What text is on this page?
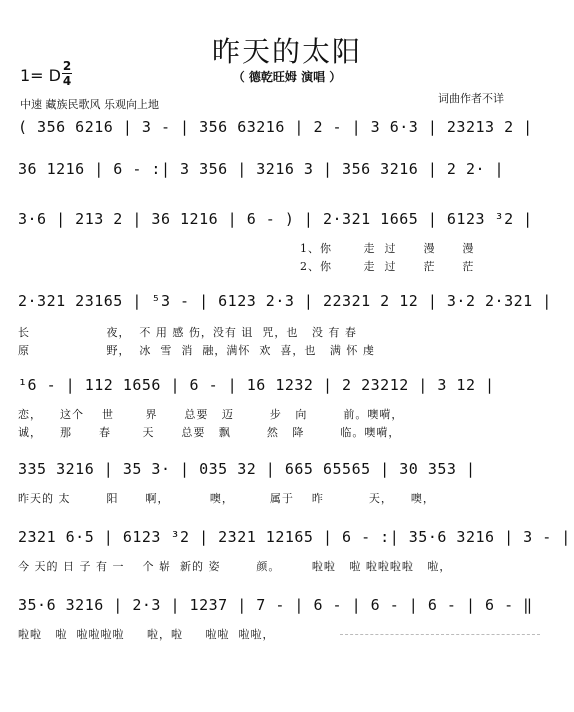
昨天的太阳
（ 德乾旺姆 演唱 ）
1= D 2
4
中速 藏族民歌风 乐观向上地	词曲作者不详
( 356 6216 | 3 - | 356 63216 | 2 - | 3 6·3 | 23213 2 |
36 1216 | 6 - :| 3 356 | 3216 3 | 356 3216 | 2 2· |
3·6 | 213 2 | 36 1216 | 6 - ) | 2·321 1665 | 6123 ³2 |
1、你       走  过      漫      漫
2、你       走  过      茫      茫
2·321 23165 | ⁵3 - | 6123 2·3 | 22321 2 12 | 3·2 2·321 |
长                 夜，  不 用 感 伤，没有 诅  咒，也   没 有 春
原                 野，  冰  雪  消  融，满怀  欢  喜，也   满 怀 虔
¹6 - | 112 1656 | 6 - | 16 1232 | 2 23212 | 3 12 |
恋，    这个    世       界      总要   迈        步   向        前。噢嗬，
诚，    那      春       天      总要   飘        然   降        临。噢嗬，
335 3216 | 35 3· | 035 32 | 665 65565 | 30 353 |
昨天的 太        阳      啊，         噢，        属于    昨          天，    噢，
2321 6·5 | 6123 ³2 | 2321 12165 | 6 - :| 35·6 3216 | 3 - |
今 天的 日 子 有 一    个 崭  新的 姿        颜。       啦啦   啦 啦啦啦啦   啦，
35·6 3216 | 2·3 | 1237 | 7 - | 6 - | 6 - | 6 - | 6 - ‖
啦啦   啦  啦啦啦啦     啦，啦     啦啦  啦啦，
